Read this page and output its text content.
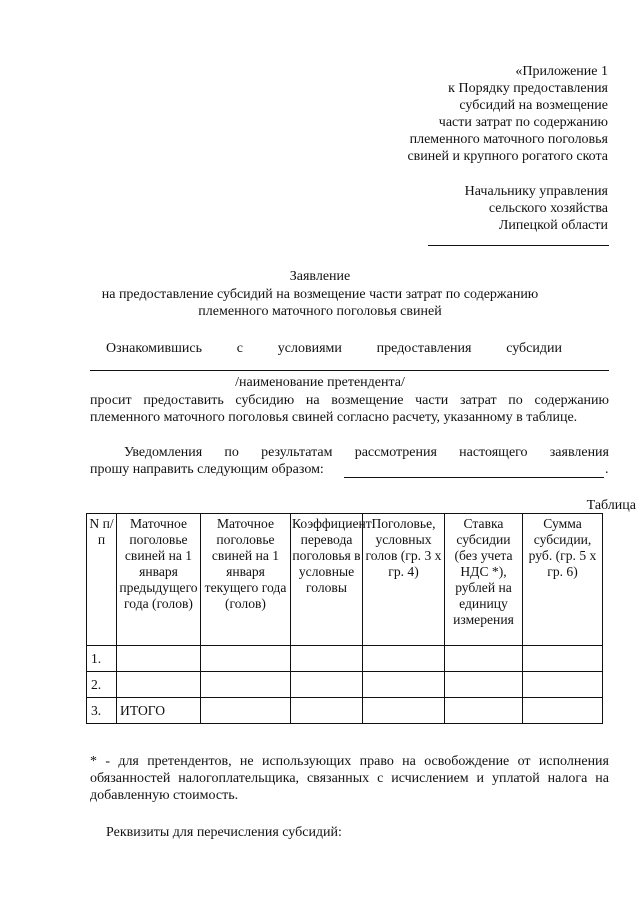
«Приложение 1
к Порядку предоставления
субсидий на возмещение
части затрат по содержанию
племенного маточного поголовья
свиней и крупного рогатого скота
Начальнику управления
сельского хозяйства
Липецкой области
Заявление
на предоставление субсидий на возмещение части затрат по содержанию
племенного маточного поголовья свиней
Ознакомившись с условиями предоставления субсидии
/наименование претендента/
просит предоставить субсидию на возмещение части затрат по содержанию племенного маточного поголовья свиней согласно расчету, указанному в таблице.
Уведомления по результатам рассмотрения настоящего заявления
прошу направить следующим образом:	.
Таблица
N п/п	Маточное поголовье свиней на 1 января предыдущего года (голов)	Маточное поголовье свиней на 1 января текущего года (голов)	Коэффициент перевода поголовья в условные головы	Поголовье, условных голов (гр. 3 х гр. 4)	Ставка субсидии (без учета НДС *), рублей на единицу измерения	Сумма субсидии, руб. (гр. 5 х гр. 6)
1.						
2.						
3.	ИТОГО					
* - для претендентов, не использующих право на освобождение от исполнения обязанностей налогоплательщика, связанных с исчислением и уплатой налога на добавленную стоимость.
Реквизиты для перечисления субсидий:
